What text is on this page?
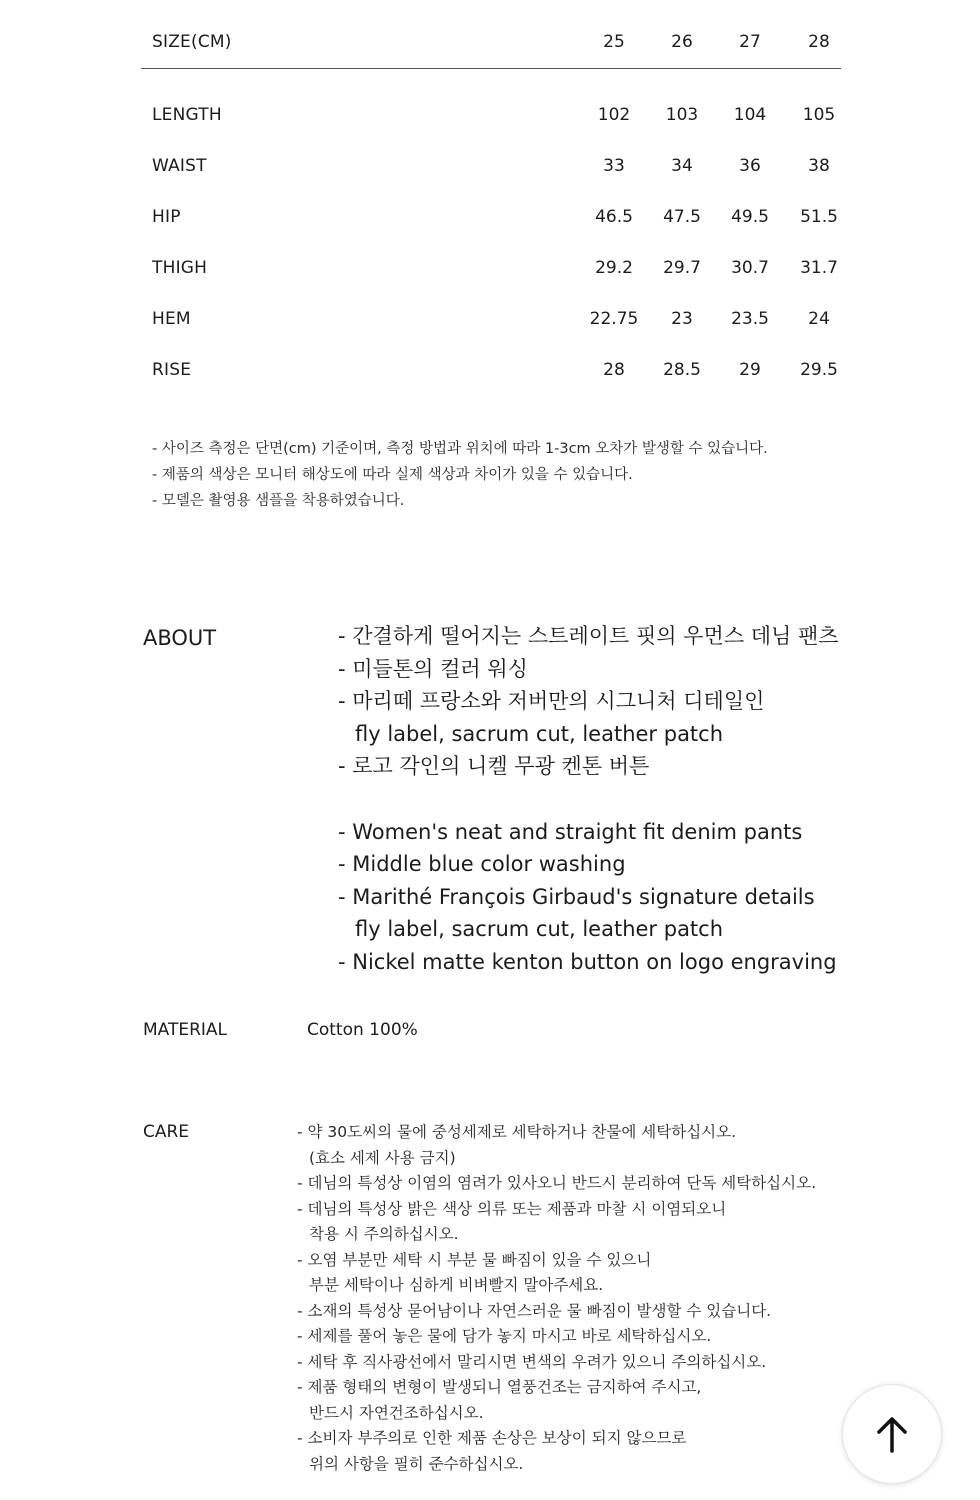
SIZE(CM)	25	26	27	28
LENGTH	102	103	104	105
WAIST	33	34	36	38
HIP	46.5	47.5	49.5	51.5
THIGH	29.2	29.7	30.7	31.7
HEM	22.75	23	23.5	24
RISE	28	28.5	29	29.5
- 사이즈 측정은 단면(cm) 기준이며, 측정 방법과 위치에 따라 1-3cm 오차가 발생할 수 있습니다.
- 제품의 색상은 모니터 해상도에 따라 실제 색상과 차이가 있을 수 있습니다.
- 모델은 촬영용 샘플을 착용하였습니다.
ABOUT	- 간결하게 떨어지는 스트레이트 핏의 우먼스 데님 팬츠
- 미들톤의 컬러 워싱
- 마리떼 프랑소와 저버만의 시그니처 디테일인
fly label, sacrum cut, leather patch
- 로고 각인의 니켈 무광 켄톤 버튼
- Women's neat and straight fit denim pants
- Middle blue color washing
- Marithé François Girbaud's signature details
fly label, sacrum cut, leather patch
- Nickel matte kenton button on logo engraving
MATERIAL	Cotton 100%
CARE	- 약 30도씨의 물에 중성세제로 세탁하거나 찬물에 세탁하십시오.
(효소 세제 사용 금지)
- 데님의 특성상 이염의 염려가 있사오니 반드시 분리하여 단독 세탁하십시오.
- 데님의 특성상 밝은 색상 의류 또는 제품과 마찰 시 이염되오니
착용 시 주의하십시오.
- 오염 부분만 세탁 시 부분 물 빠짐이 있을 수 있으니
부분 세탁이나 심하게 비벼빨지 말아주세요.
- 소재의 특성상 묻어남이나 자연스러운 물 빠짐이 발생할 수 있습니다.
- 세제를 풀어 놓은 물에 담가 놓지 마시고 바로 세탁하십시오.
- 세탁 후 직사광선에서 말리시면 변색의 우려가 있으니 주의하십시오.
- 제품 형태의 변형이 발생되니 열풍건조는 금지하여 주시고,
반드시 자연건조하십시오.
- 소비자 부주의로 인한 제품 손상은 보상이 되지 않으므로
위의 사항을 필히 준수하십시오.
